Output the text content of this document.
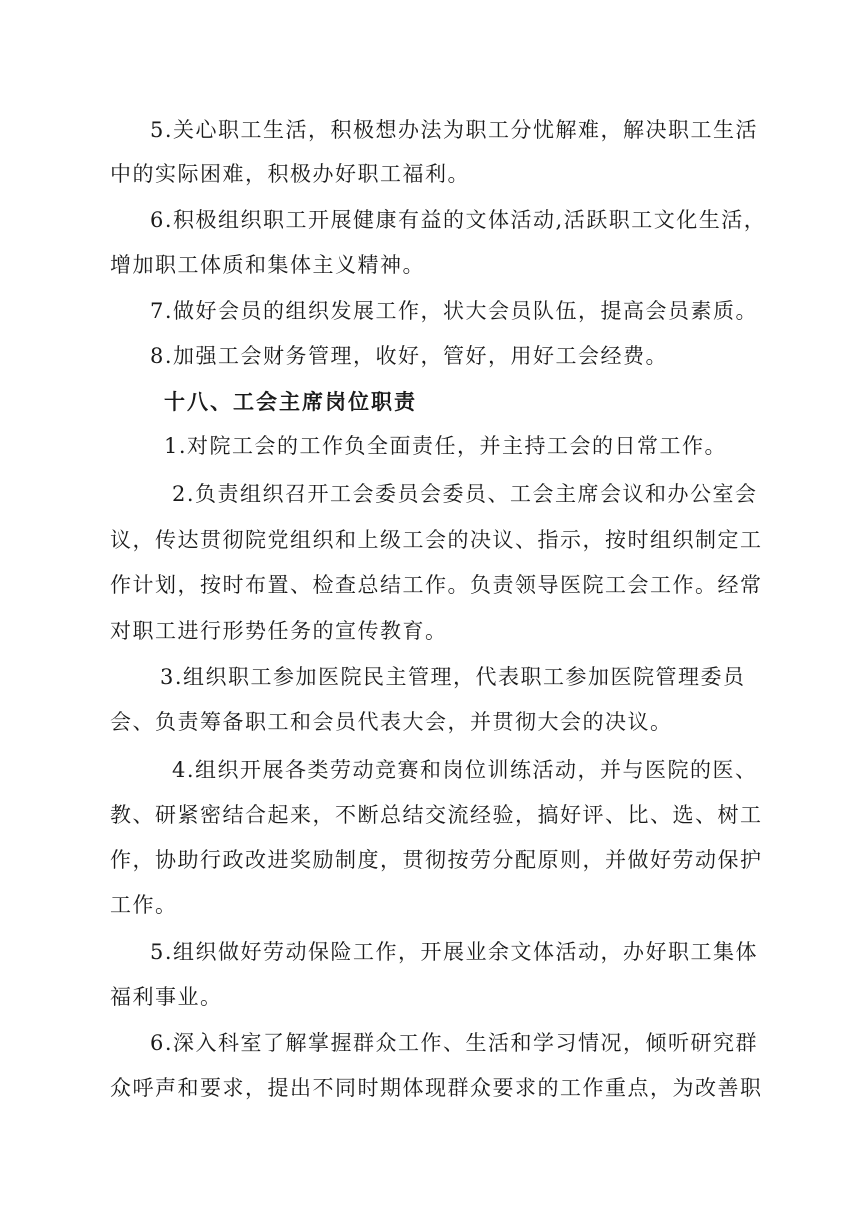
5.关心职工生活，积极想办法为职工分忧解难，解决职工生活
中的实际困难，积极办好职工福利。
6.积极组织职工开展健康有益的文体活动,活跃职工文化生活，
增加职工体质和集体主义精神。
7.做好会员的组织发展工作，状大会员队伍，提高会员素质。
8.加强工会财务管理，收好，管好，用好工会经费。
十八、工会主席岗位职责
1.对院工会的工作负全面责任，并主持工会的日常工作。
2.负责组织召开工会委员会委员、工会主席会议和办公室会
议，传达贯彻院党组织和上级工会的决议、指示，按时组织制定工
作计划，按时布置、检查总结工作。负责领导医院工会工作。经常
对职工进行形势任务的宣传教育。
3.组织职工参加医院民主管理，代表职工参加医院管理委员
会、负责筹备职工和会员代表大会，并贯彻大会的决议。
4.组织开展各类劳动竞赛和岗位训练活动，并与医院的医、
教、研紧密结合起来，不断总结交流经验，搞好评、比、选、树工
作，协助行政改进奖励制度，贯彻按劳分配原则，并做好劳动保护
工作。
5.组织做好劳动保险工作，开展业余文体活动，办好职工集体
福利事业。
6.深入科室了解掌握群众工作、生活和学习情况，倾听研究群
众呼声和要求，提出不同时期体现群众要求的工作重点，为改善职
